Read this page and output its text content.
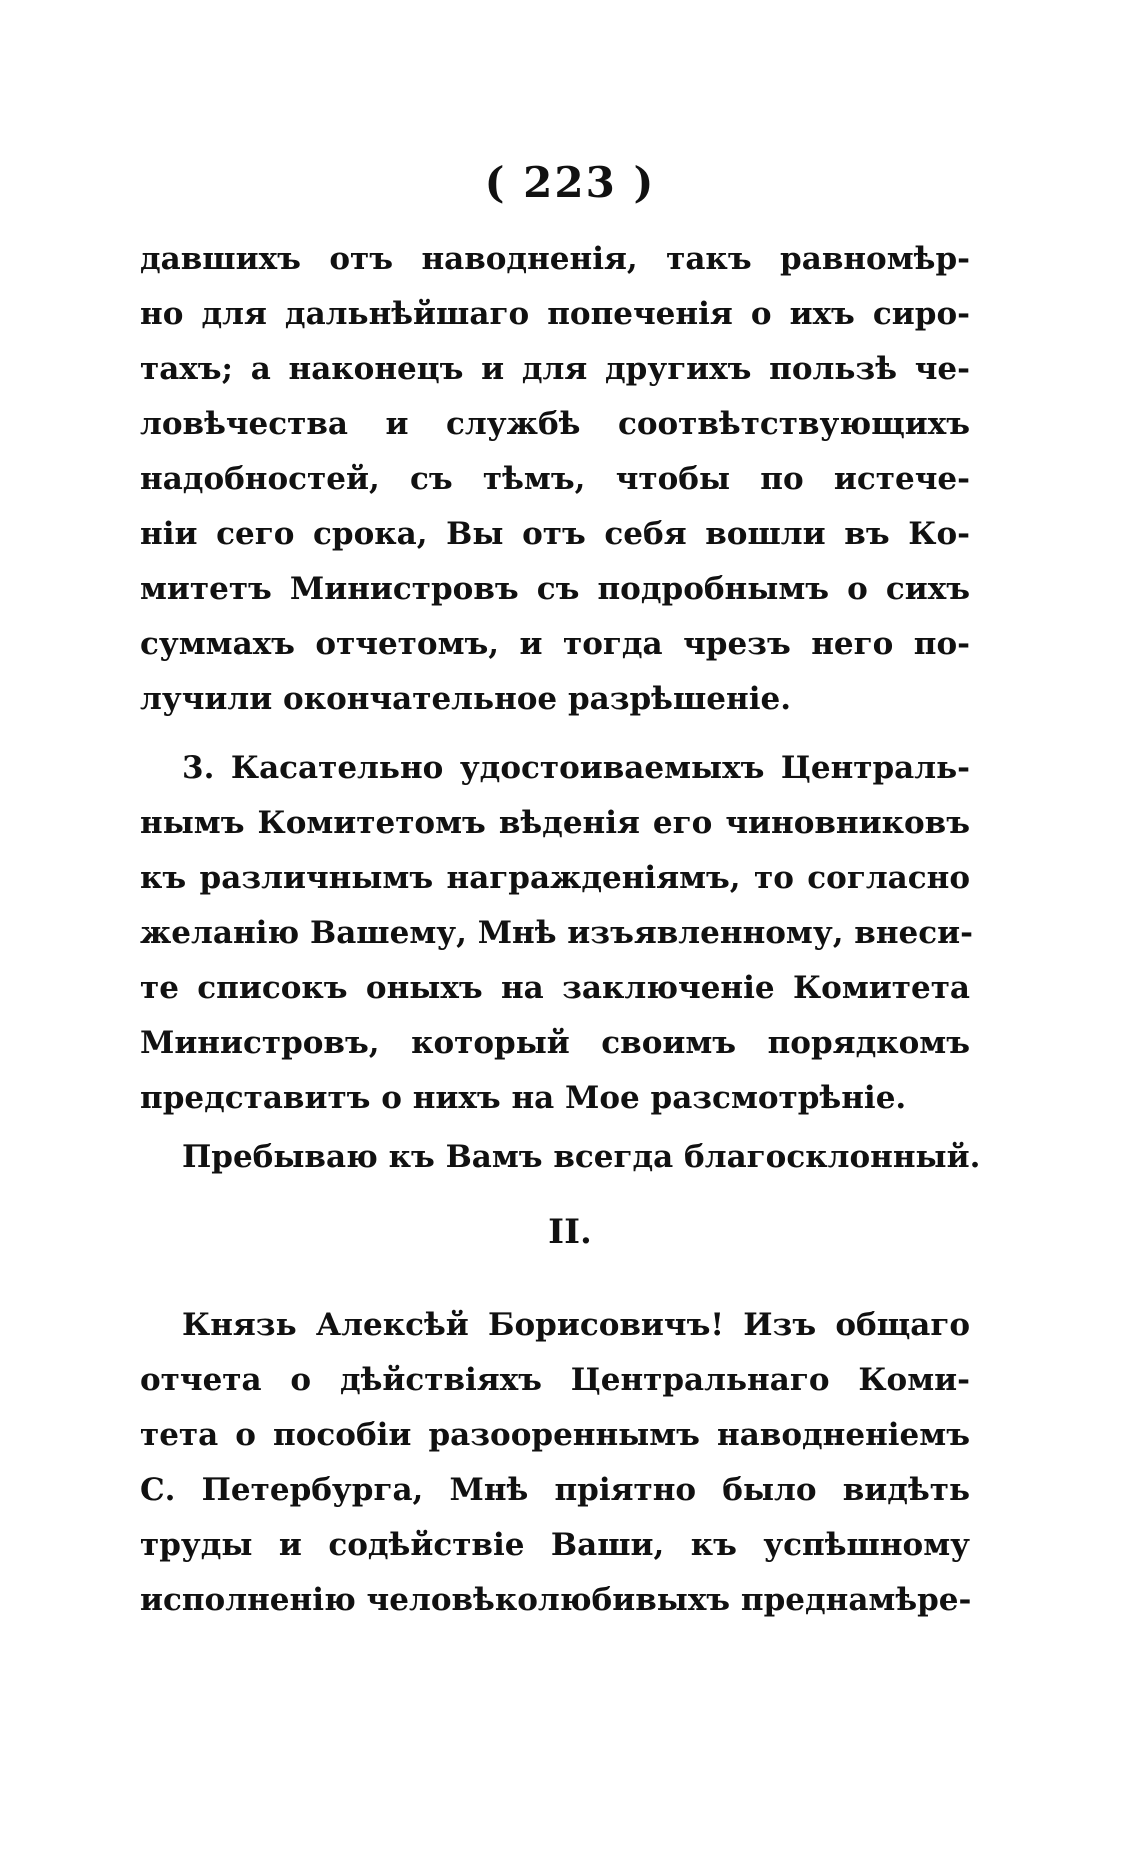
( 223 )
давшихъ отъ наводненія, такъ равномѣр-
но для дальнѣйшаго попеченія о ихъ сиро-
тахъ; а наконецъ и для другихъ пользѣ че-
ловѣчества и службѣ соотвѣтствующихъ
надобностей, съ тѣмъ, чтобы по истече-
ніи сего срока, Вы отъ себя вошли въ Ко-
митетъ Министровъ съ подробнымъ о сихъ
суммахъ отчетомъ, и тогда чрезъ него по-
лучили окончательное разрѣшеніе.
3. Касательно удостоиваемыхъ Централь-
нымъ Комитетомъ вѣденія его чиновниковъ
къ различнымъ награжденіямъ, то согласно
желанію Вашему, Мнѣ изъявленному, внеси-
те списокъ оныхъ на заключеніе Комитета
Министровъ, который своимъ порядкомъ
представитъ о нихъ на Мое разсмотрѣніе.
Пребываю къ Вамъ всегда благосклонный.
II.
Князь Алексѣй Борисовичъ! Изъ общаго
отчета о дѣйствіяхъ Центральнаго Коми-
тета о пособіи разоореннымъ наводненіемъ
С. Петербурга, Мнѣ пріятно было видѣть
труды и содѣйствіе Ваши, къ успѣшному
исполненію человѣколюбивыхъ преднамѣре-
